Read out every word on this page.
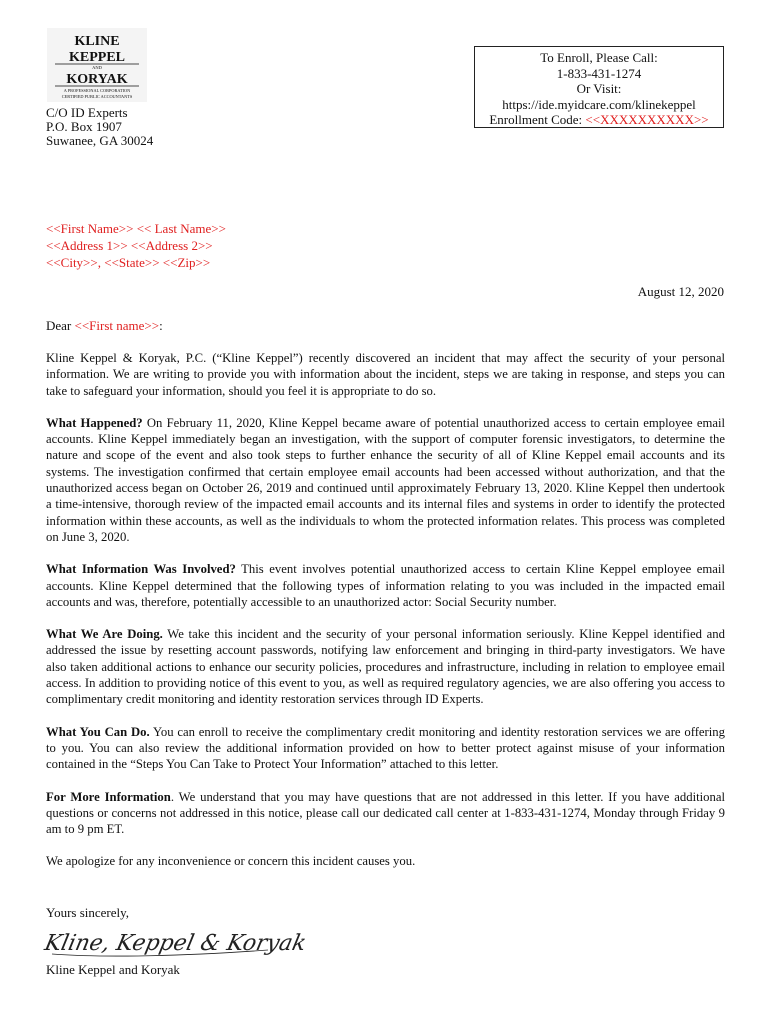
KLINE
KEPPEL
AND
KORYAK
A PROFESSIONAL CORPORATION
CERTIFIED PUBLIC ACCOUNTANTS
C/O ID Experts
P.O. Box 1907
Suwanee, GA 30024
To Enroll, Please Call:
1-833-431-1274
Or Visit:
https://ide.myidcare.com/klinekeppel
Enrollment Code: <<XXXXXXXXXX>>
<<First Name>> << Last Name>>
<<Address 1>> <<Address 2>>
<<City>>, <<State>> <<Zip>>
August 12, 2020
Dear <<First name>>:

Kline Keppel & Koryak, P.C. (“Kline Keppel”) recently discovered an incident that may affect the security of your personal information. We are writing to provide you with information about the incident, steps we are taking in response, and steps you can take to safeguard your information, should you feel it is appropriate to do so.

What Happened? On February 11, 2020, Kline Keppel became aware of potential unauthorized access to certain employee email accounts. Kline Keppel immediately began an investigation, with the support of computer forensic investigators, to determine the nature and scope of the event and also took steps to further enhance the security of all of Kline Keppel email accounts and its systems. The investigation confirmed that certain employee email accounts had been accessed without authorization, and that the unauthorized access began on October 26, 2019 and continued until approximately February 13, 2020. Kline Keppel then undertook a time-intensive, thorough review of the impacted email accounts and its internal files and systems in order to identify the protected information within these accounts, as well as the individuals to whom the protected information relates. This process was completed on June 3, 2020.

What Information Was Involved? This event involves potential unauthorized access to certain Kline Keppel employee email accounts. Kline Keppel determined that the following types of information relating to you was included in the impacted email accounts and was, therefore, potentially accessible to an unauthorized actor: Social Security number.

What We Are Doing. We take this incident and the security of your personal information seriously. Kline Keppel identified and addressed the issue by resetting account passwords, notifying law enforcement and bringing in third-party investigators. We have also taken additional actions to enhance our security policies, procedures and infrastructure, including in relation to employee email access. In addition to providing notice of this event to you, as well as required regulatory agencies, we are also offering you access to complimentary credit monitoring and identity restoration services through ID Experts.

What You Can Do. You can enroll to receive the complimentary credit monitoring and identity restoration services we are offering to you. You can also review the additional information provided on how to better protect against misuse of your information contained in the “Steps You Can Take to Protect Your Information” attached to this letter.

For More Information. We understand that you may have questions that are not addressed in this letter. If you have additional questions or concerns not addressed in this notice, please call our dedicated call center at 1-833-431-1274, Monday through Friday 9 am to 9 pm ET.

We apologize for any inconvenience or concern this incident causes you.

Yours sincerely,
Kline, Keppel & Koryak
Kline Keppel and Koryak
